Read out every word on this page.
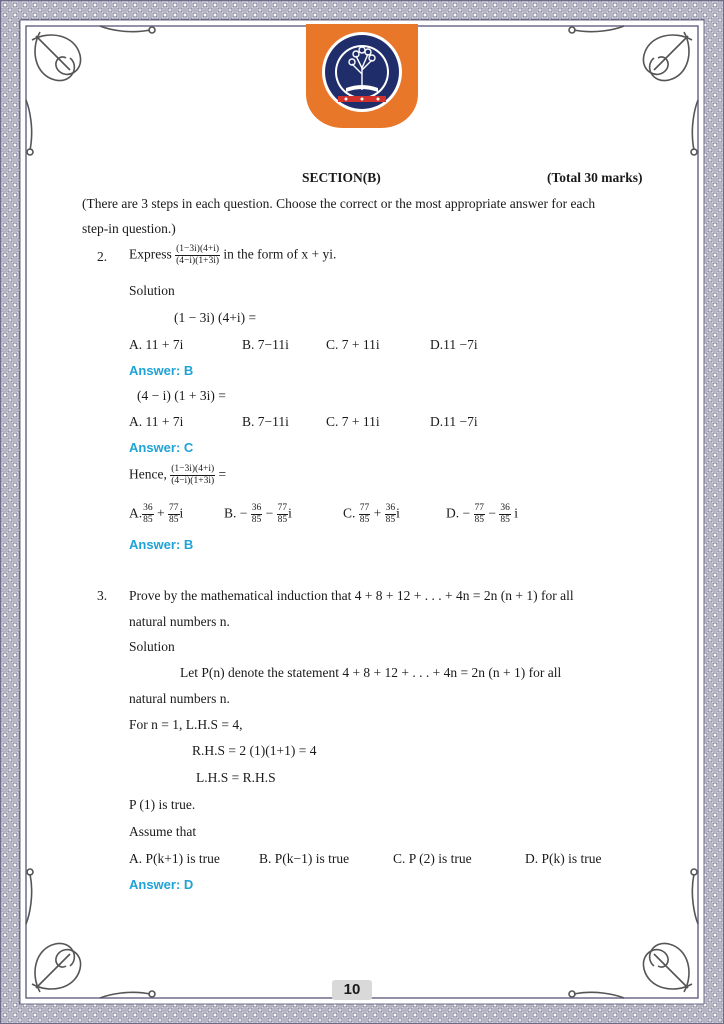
SECTION(B)	(Total 30 marks)
(There are 3 steps in each question. Choose the correct or the most appropriate answer for each
step-in question.)
2. Express $\frac{(1-3i)(4+i)}{(4-i)(1+3i)}$ in the form of x + yi.
Solution
(1 − 3i) (4+i) =
A. 11 + 7i	B. 7−11i	C. 7 + 11i	D.11 −7i
Answer: B
(4 − i) (1 + 3i) =
A. 11 + 7i	B. 7−11i	C. 7 + 11i	D.11 −7i
Answer: C
Hence, $\frac{(1-3i)(4+i)}{(4-i)(1+3i)}$ =
A. $\frac{36}{85} + \frac{77}{85}$ i	B. − $\frac{36}{85} - \frac{77}{85}$ i	C. $\frac{77}{85} + \frac{36}{85}$ i	D. − $\frac{77}{85} - \frac{36}{85}$ i
Answer: B
3. Prove by the mathematical induction that 4 + 8 + 12 + . . . + 4n = 2n (n + 1) for all
natural numbers n.
Solution
Let P(n) denote the statement 4 + 8 + 12 + . . . + 4n = 2n (n + 1) for all
natural numbers n.
For n = 1, L.H.S = 4,
R.H.S = 2 (1)(1+1) = 4
L.H.S = R.H.S
P (1) is true.
Assume that
A. P(k+1) is true	B. P(k−1) is true	C. P (2) is true	D. P(k) is true
Answer: D
10
